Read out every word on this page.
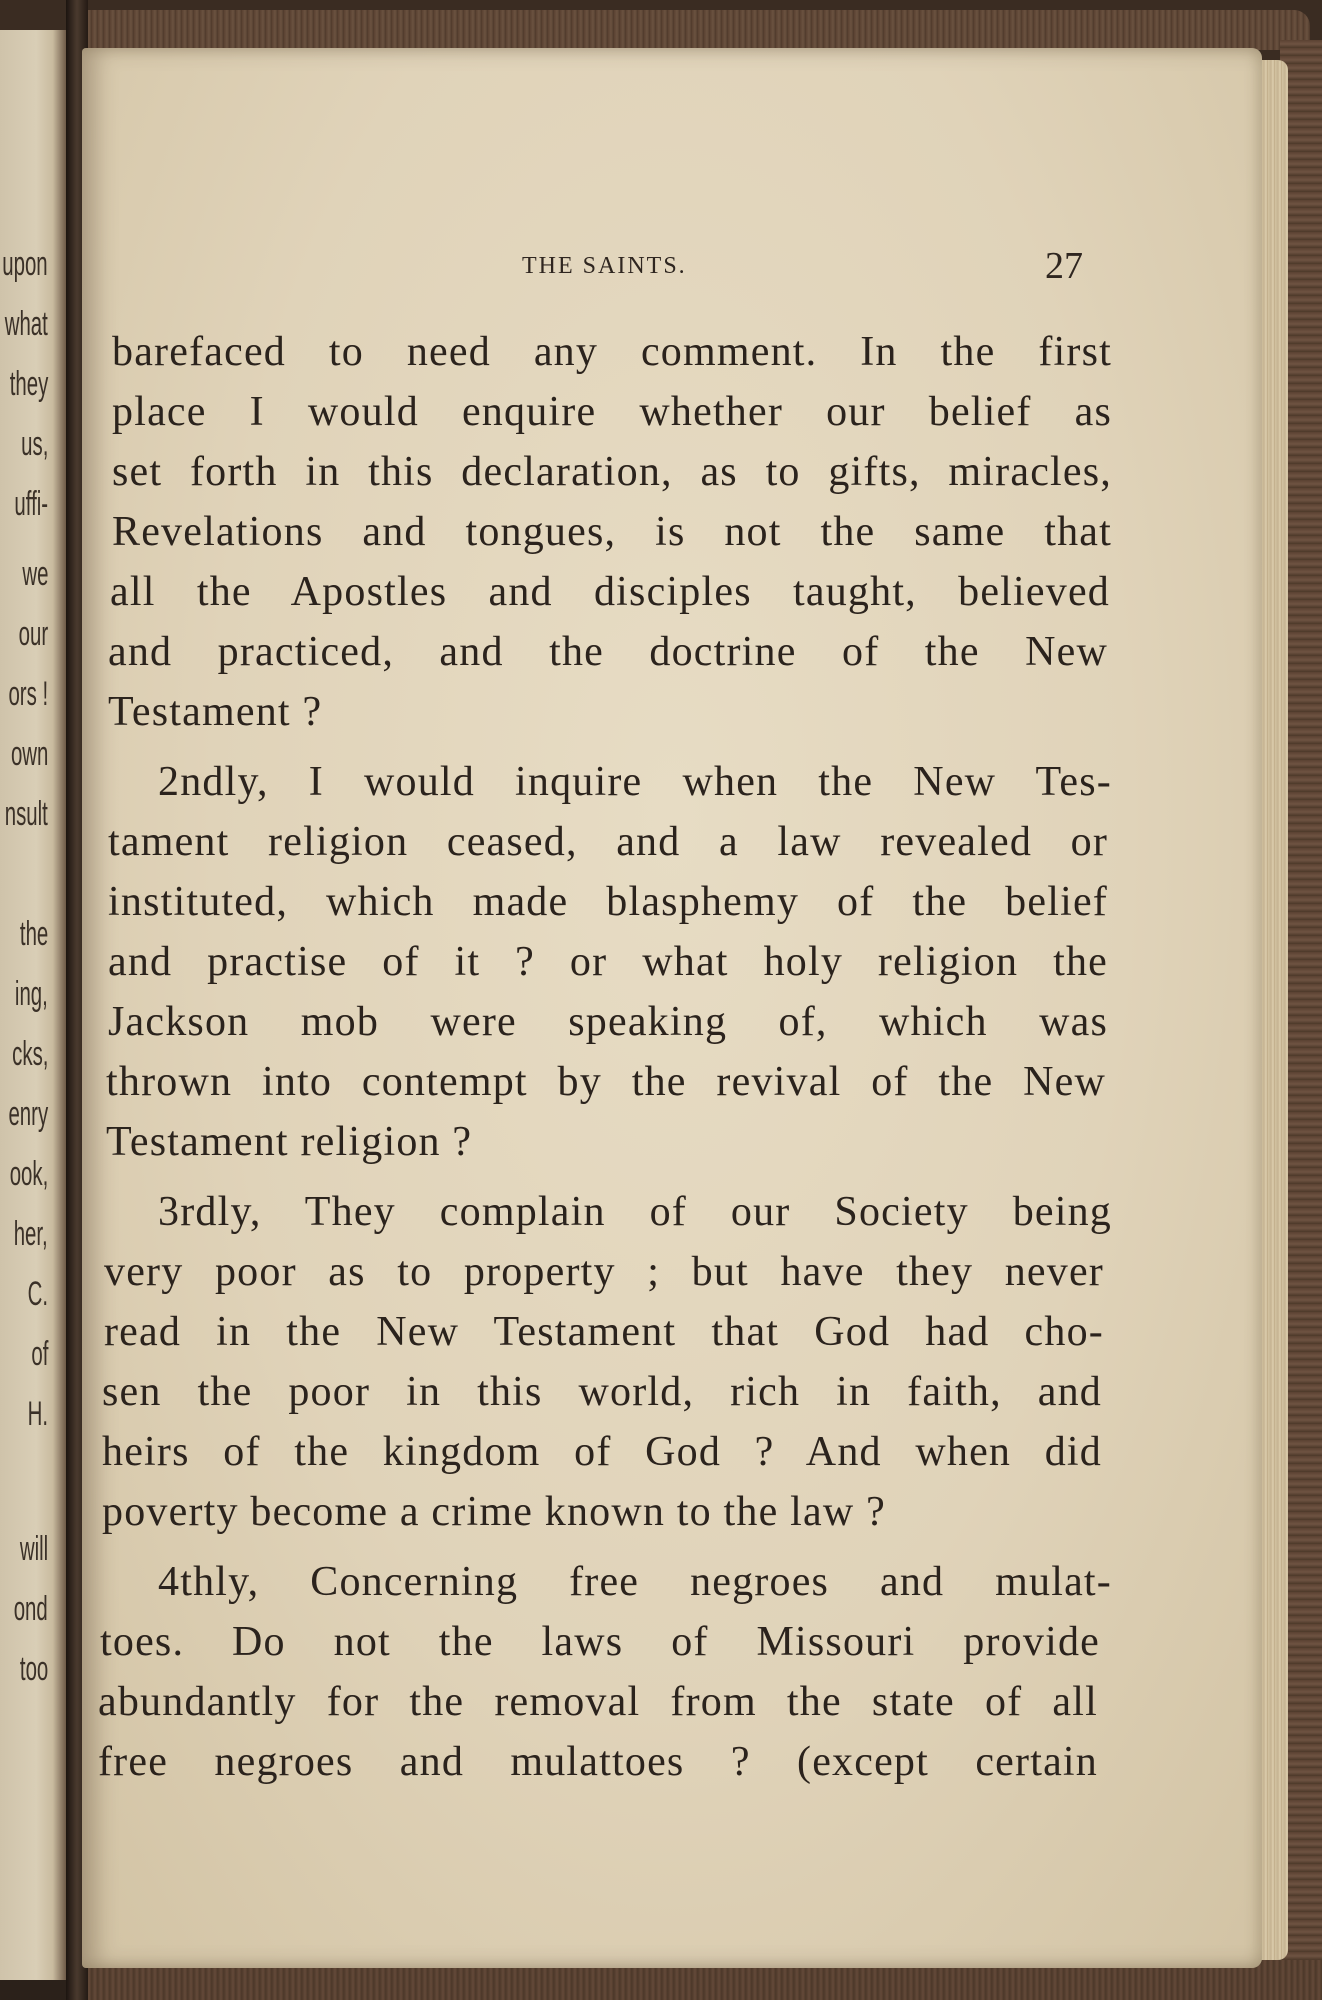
upon
what
they
us,
uffi-
we
our
ors !
own
nsult
the
ing,
cks,
enry
ook,
her,
C.
of
H.
will
ond
too
THE SAINTS.	27
barefaced to need any comment. In the first
place I would enquire whether our belief as
set forth in this declaration, as to gifts, miracles,
Revelations and tongues, is not the same that
all the Apostles and disciples taught, believed
and practiced, and the doctrine of the New
Testament ?
2ndly, I would inquire when the New Tes-
tament religion ceased, and a law revealed or
instituted, which made blasphemy of the belief
and practise of it ? or what holy religion the
Jackson mob were speaking of, which was
thrown into contempt by the revival of the New
Testament religion ?
3rdly, They complain of our Society being
very poor as to property ; but have they never
read in the New Testament that God had cho-
sen the poor in this world, rich in faith, and
heirs of the kingdom of God ? And when did
poverty become a crime known to the law ?
4thly, Concerning free negroes and mulat-
toes. Do not the laws of Missouri provide
abundantly for the removal from the state of all
free negroes and mulattoes ? (except certain
